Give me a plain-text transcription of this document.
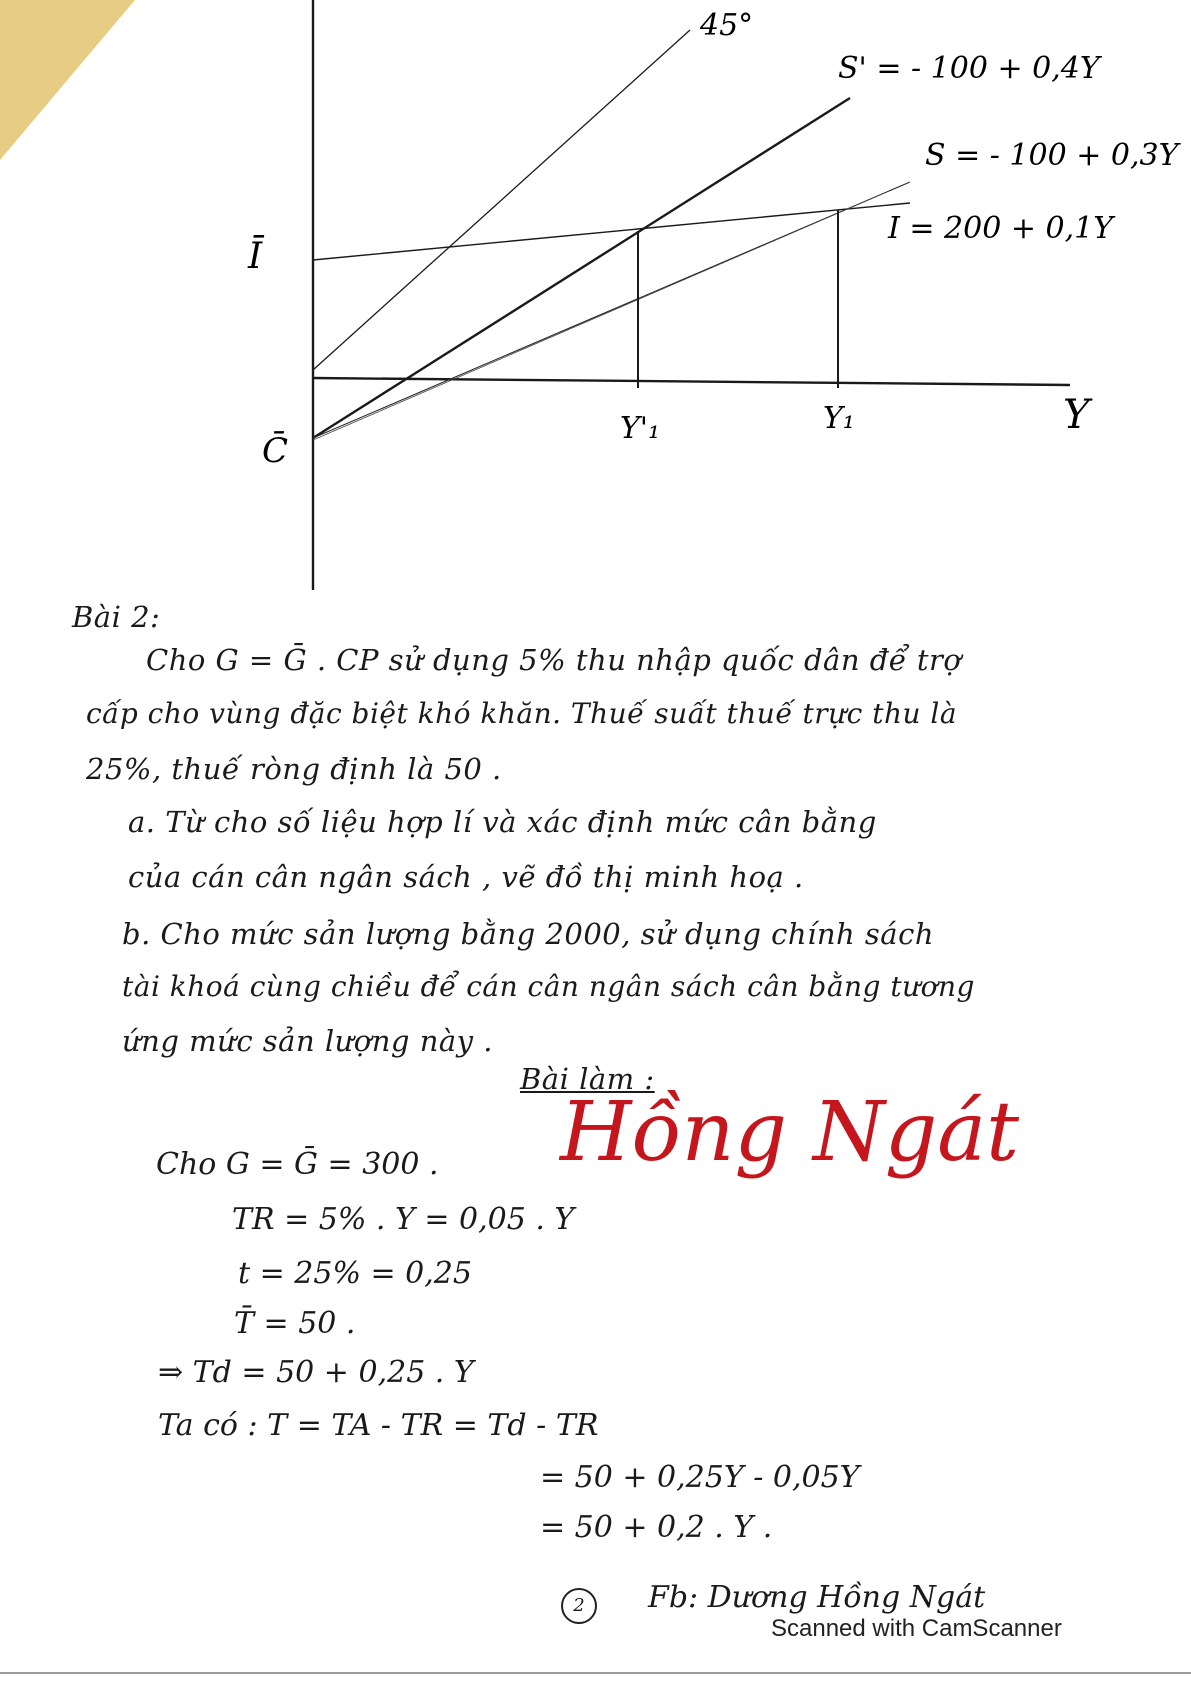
45°
Ī
C̄
Y
Y'₁	Y₁
S' = - 100 + 0,4Y
S = - 100 + 0,3Y
I = 200 + 0,1Y
Bài 2:
Cho G = Ḡ . CP sử dụng 5% thu nhập quốc dân để trợ
cấp cho vùng đặc biệt khó khăn. Thuế suất thuế trực thu là
25%, thuế ròng định là 50 .
a. Từ cho số liệu hợp lí và xác định mức cân bằng
của cán cân ngân sách , vẽ đồ thị minh hoạ .
b. Cho mức sản lượng bằng 2000, sử dụng chính sách
tài khoá cùng chiều để cán cân ngân sách cân bằng tương
ứng mức sản lượng này .
Bài làm :
Hồng Ngát
Cho G = Ḡ = 300 .
TR = 5% . Y = 0,05 . Y
t = 25% = 0,25
T̄ = 50 .
⇒ Td = 50 + 0,25 . Y
Ta có : T = TA - TR = Td - TR
= 50 + 0,25Y - 0,05Y
= 50 + 0,2 . Y .
2	Fb: Dương Hồng Ngát
Scanned with CamScanner
